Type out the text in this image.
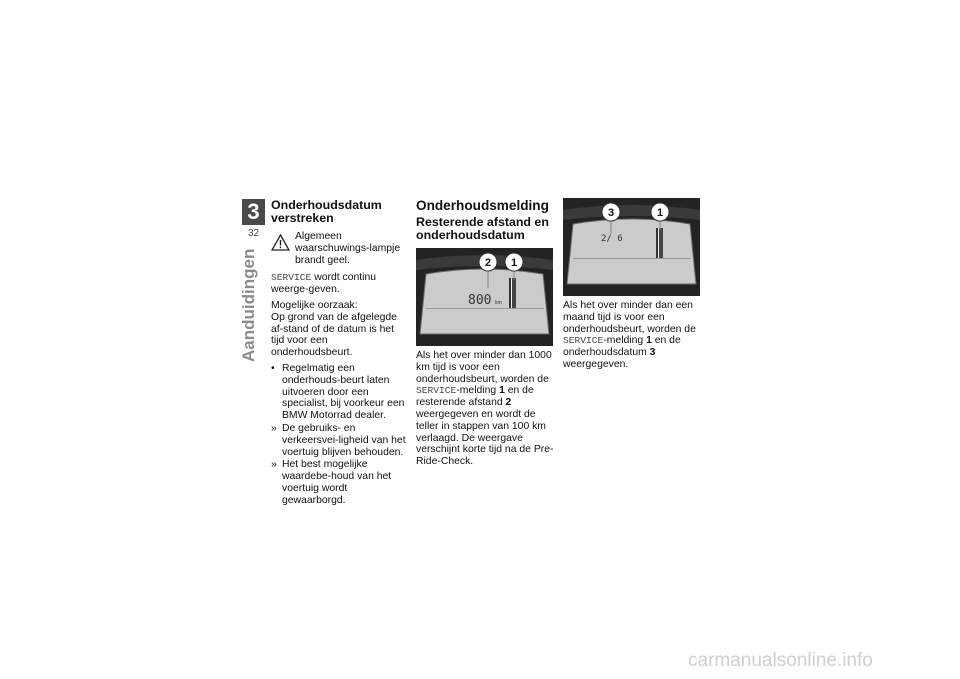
3
32
Aanduidingen
Onderhoudsdatum verstreken
Algemeen waarschuwings-lampje brandt geel.

SERVICE wordt continu weerge-geven.

Mogelijke oorzaak:

Op grond van de afgelegde af-stand of de datum is het tijd voor een onderhoudsbeurt.

• Regelmatig een onderhouds-beurt laten uitvoeren door een specialist, bij voorkeur een BMW Motorrad dealer.
» De gebruiks- en verkeersvei-ligheid van het voertuig blijven behouden.
» Het best mogelijke waardebe-houd van het voertuig wordt gewaarborgd.
Onderhoudsmelding
Resterende afstand en onderhoudsdatum
800 km
2 1

Als het over minder dan 1000 km tijd is voor een onderhoudsbeurt, worden de SERVICE-melding 1 en de resterende afstand 2 weergegeven en wordt de teller in stappen van 100 km verlaagd. De weergave verschijnt korte tijd na de Pre-Ride-Check.

2/ 6
3	1

Als het over minder dan een maand tijd is voor een onderhoudsbeurt, worden de SERVICE-melding 1 en de onderhoudsdatum 3 weergegeven.

carmanualsonline.info
